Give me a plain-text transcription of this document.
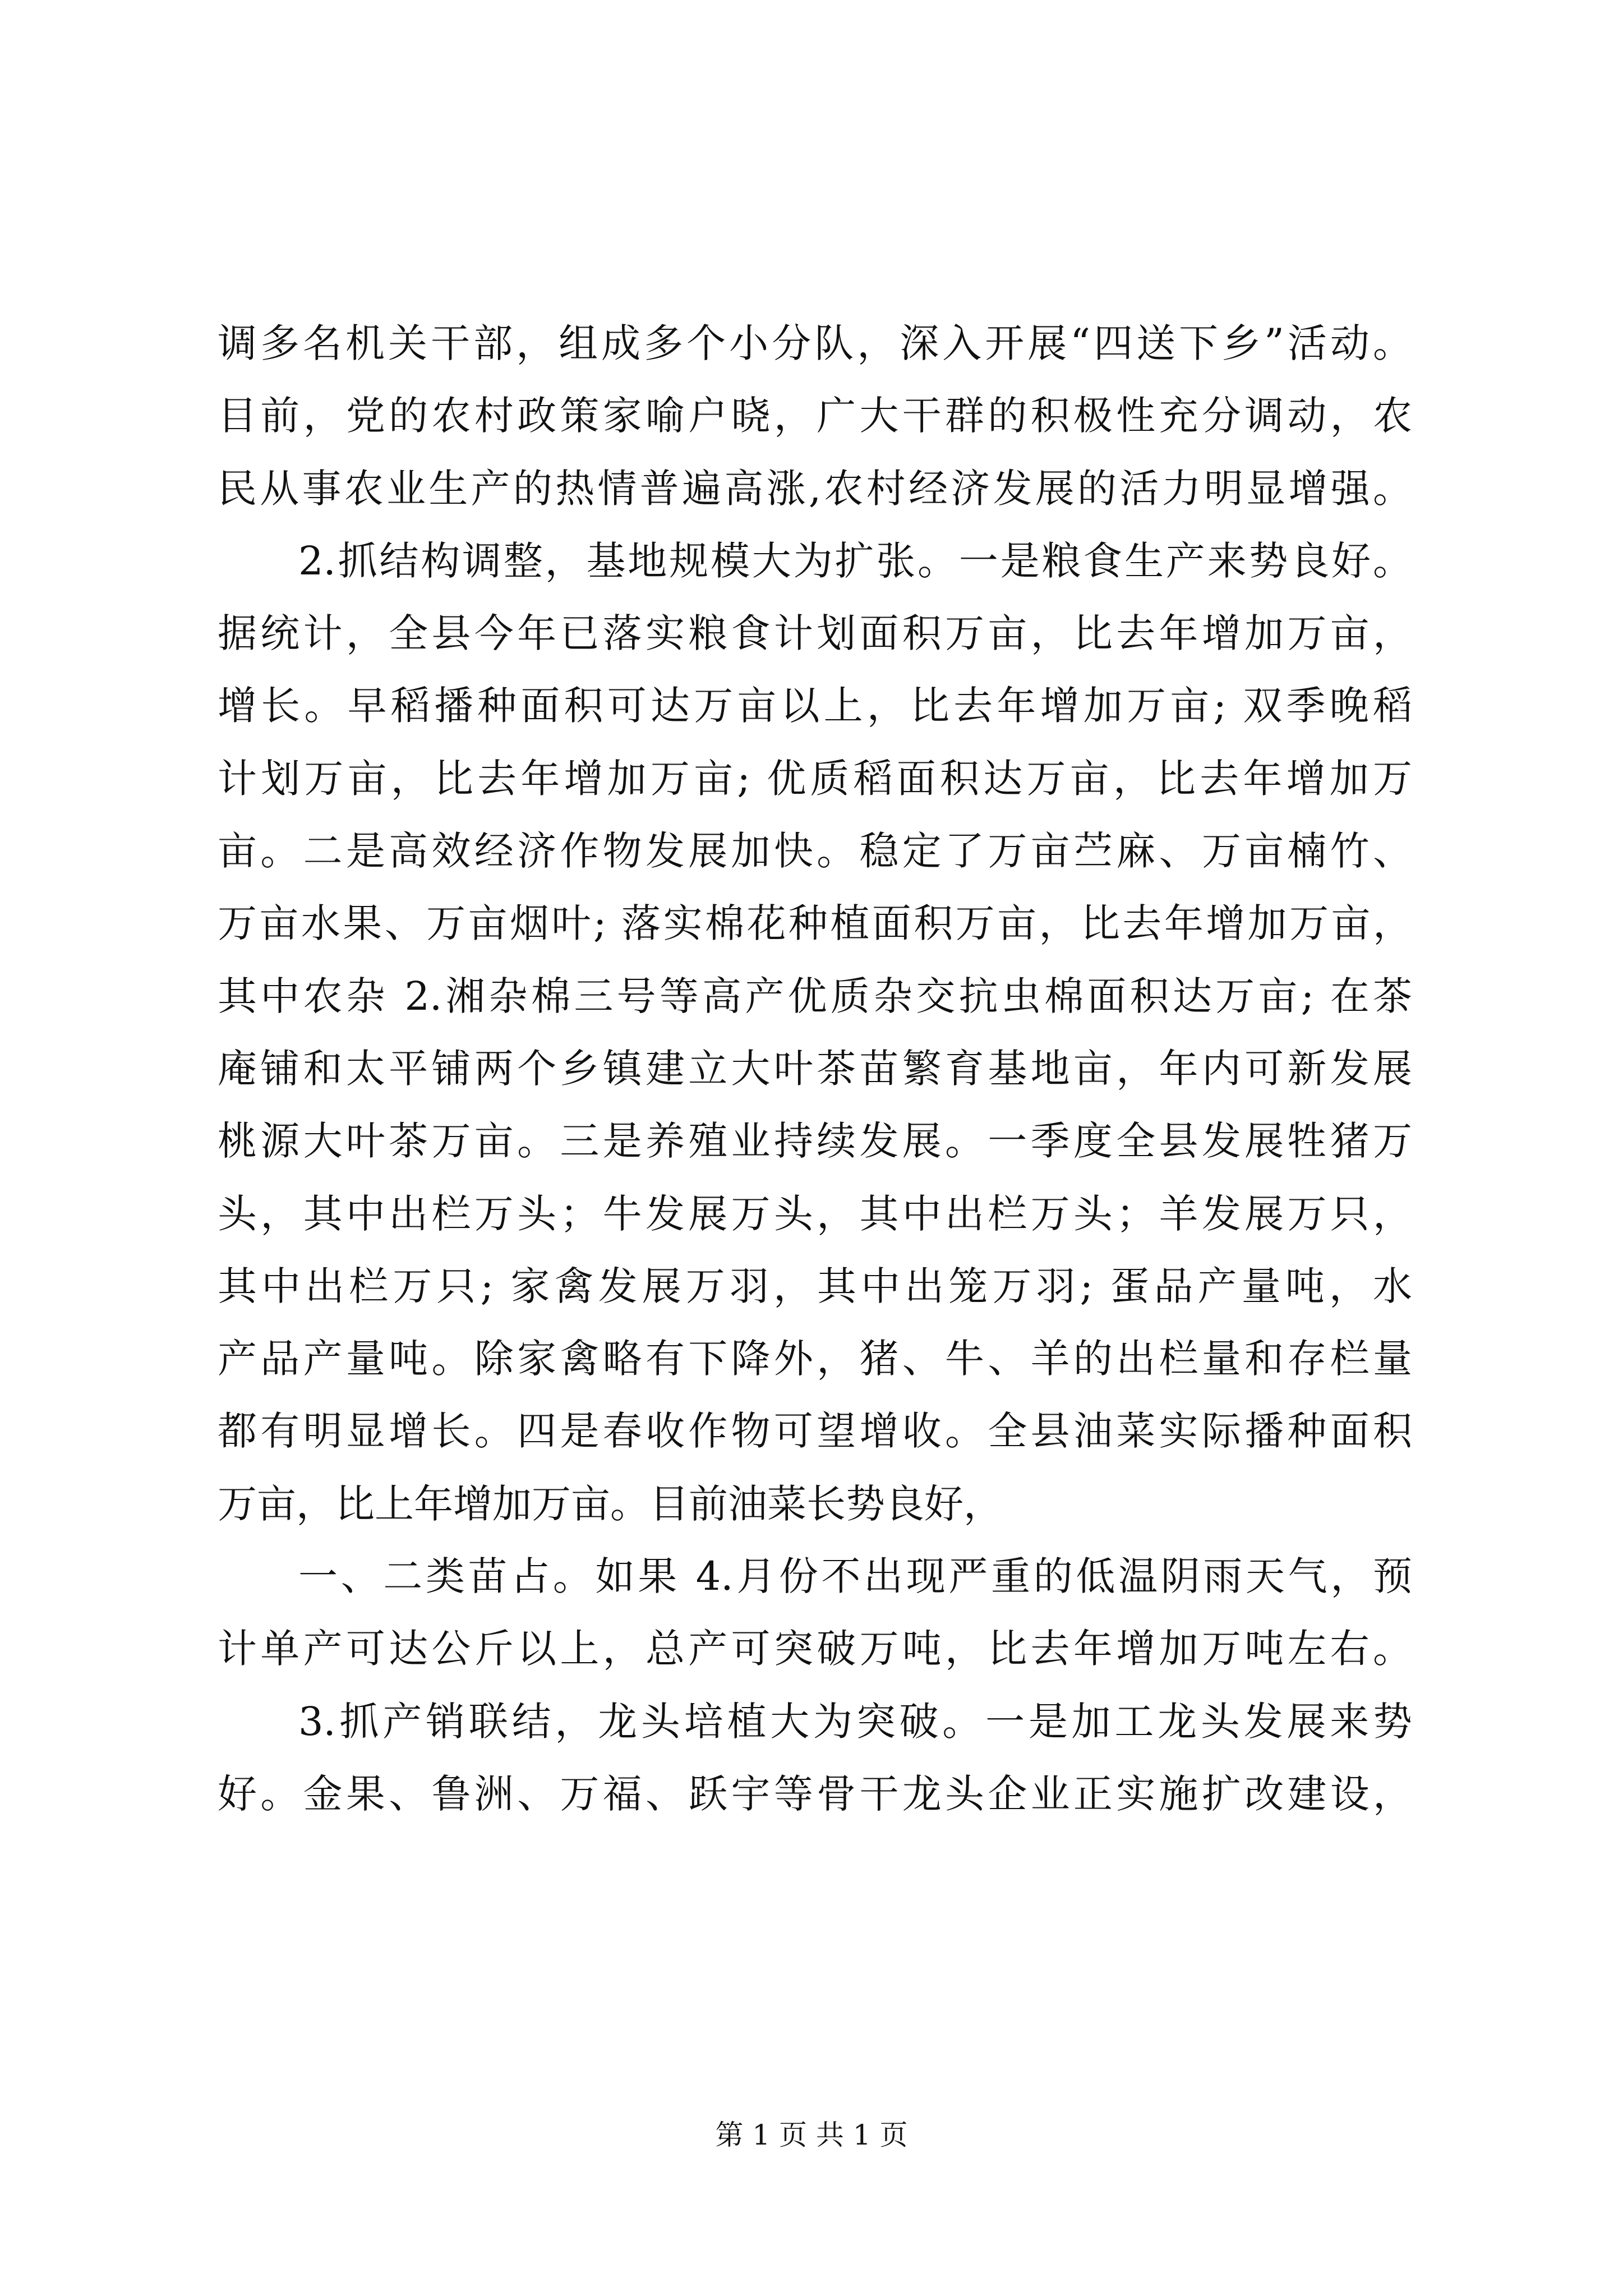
调多名机关干部，组成多个小分队，深入开展“四送下乡”活动。
目前，党的农村政策家喻户晓，广大干群的积极性充分调动，农
民从事农业生产的热情普遍高涨,农村经济发展的活力明显增强。
2.抓结构调整，基地规模大为扩张。一是粮食生产来势良好。
据统计，全县今年已落实粮食计划面积万亩，比去年增加万亩，
增长。早稻播种面积可达万亩以上，比去年增加万亩; 双季晚稻
计划万亩，比去年增加万亩; 优质稻面积达万亩，比去年增加万
亩。二是高效经济作物发展加快。稳定了万亩苎麻、万亩楠竹、
万亩水果、万亩烟叶; 落实棉花种植面积万亩，比去年增加万亩，
其中农杂 2.湘杂棉三号等高产优质杂交抗虫棉面积达万亩; 在茶
庵铺和太平铺两个乡镇建立大叶茶苗繁育基地亩，年内可新发展
桃源大叶茶万亩。三是养殖业持续发展。一季度全县发展牲猪万
头，其中出栏万头；牛发展万头，其中出栏万头；羊发展万只，
其中出栏万只; 家禽发展万羽，其中出笼万羽; 蛋品产量吨，水
产品产量吨。除家禽略有下降外，猪、牛、羊的出栏量和存栏量
都有明显增长。四是春收作物可望增收。全县油菜实际播种面积
万亩，比上年增加万亩。目前油菜长势良好，
一、二类苗占。如果 4.月份不出现严重的低温阴雨天气，预
计单产可达公斤以上，总产可突破万吨，比去年增加万吨左右。
3.抓产销联结，龙头培植大为突破。一是加工龙头发展来势
好。金果、鲁洲、万福、跃宇等骨干龙头企业正实施扩改建设，
第 1 页 共 1 页
